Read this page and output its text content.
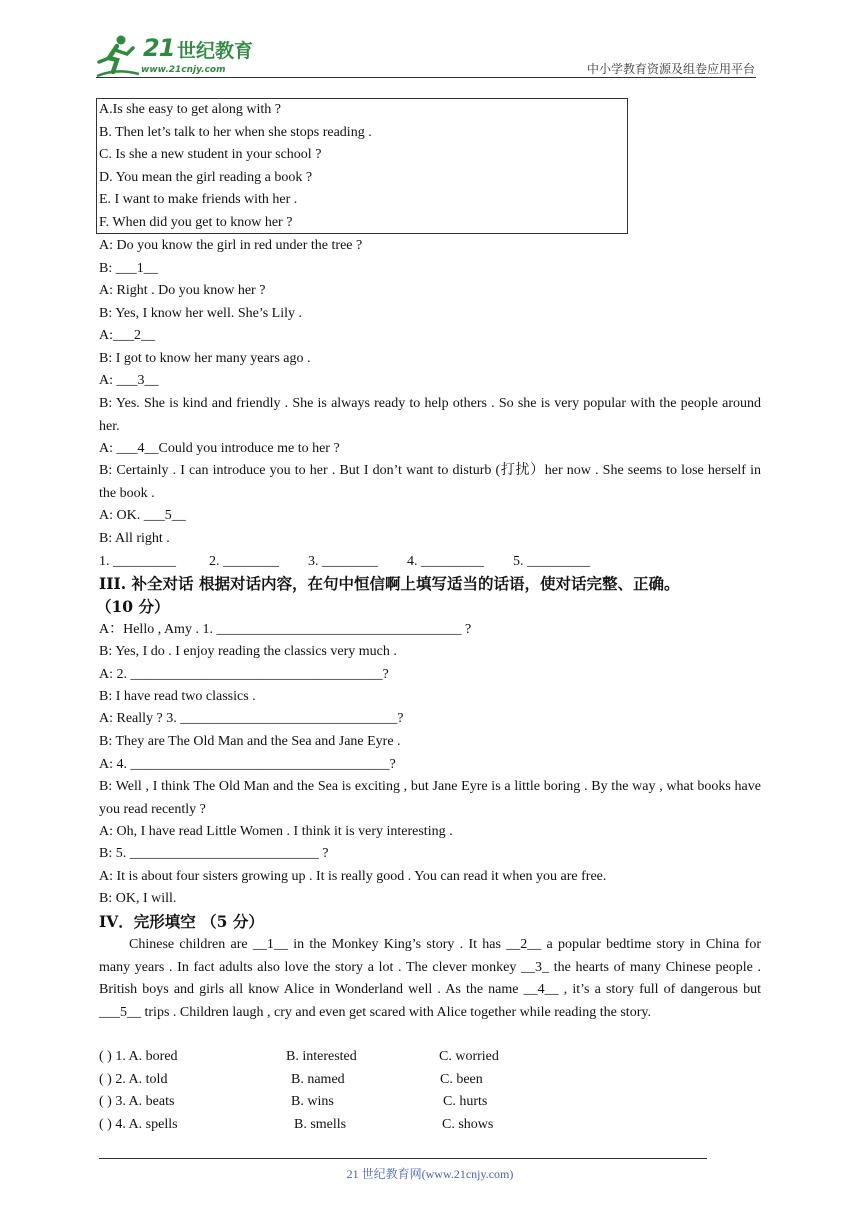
21 世纪教育
www.21cnjy.com	中小学教育资源及组卷应用平台
A.Is she easy to get along with ?
B. Then let’s talk to her when she stops reading .
C. Is she a new student in your school ?
D. You mean the girl reading a book ?
E. I want to make friends with her .
F. When did you get to know her ?
A: Do you know the girl in red under the tree ?
B: ___1__
A: Right . Do you know her ?
B: Yes, I know her well. She’s Lily .
A:___2__
B: I got to know her many years ago .
A: ___3__
B: Yes. She is kind and friendly . She is always ready to help others . So she is very popular with the people around her.
A: ___4__Could you introduce me to her ?
B: Certainly . I can introduce you to her . But I don’t want to disturb (打扰）her now . She seems to lose herself in the book .
A: OK. ___5__
B: All right .
1. _________ 2. ________ 3. ________ 4. _________ 5. _________
III. 补全对话 根据对话内容，在句中恒信啊上填写适当的话语，使对话完整、正确。
（10 分）
A：Hello , Amy . 1. ___________________________________ ?
B: Yes, I do . I enjoy reading the classics very much .
A: 2. ____________________________________?
B: I have read two classics .
A: Really ? 3. _______________________________?
B: They are The Old Man and the Sea and Jane Eyre .
A: 4. _____________________________________?
B: Well , I think The Old Man and the Sea is exciting , but Jane Eyre is a little boring . By the way , what books have you read recently ?
A: Oh, I have read Little Women . I think it is very interesting .
B: 5. ___________________________ ?
A: It is about four sisters growing up . It is really good . You can read it when you are free.
B: OK, I will.
IV．完形填空 （5 分）
Chinese children are __1__ in the Monkey King’s story . It has __2__ a popular bedtime story in China for many years . In fact adults also love the story a lot . The clever monkey __3_ the hearts of many Chinese people . British boys and girls all know Alice in Wonderland well . As the name __4__ , it’s a story full of dangerous but ___5__ trips . Children laugh , cry and even get scared with Alice together while reading the story.
( ) 1. A. bored	B. interested	C. worried
( ) 2. A. told	B. named	C. been
( ) 3. A. beats	B. wins	C. hurts
( ) 4. A. spells	B. smells	C. shows
21 世纪教育网(www.21cnjy.com)
